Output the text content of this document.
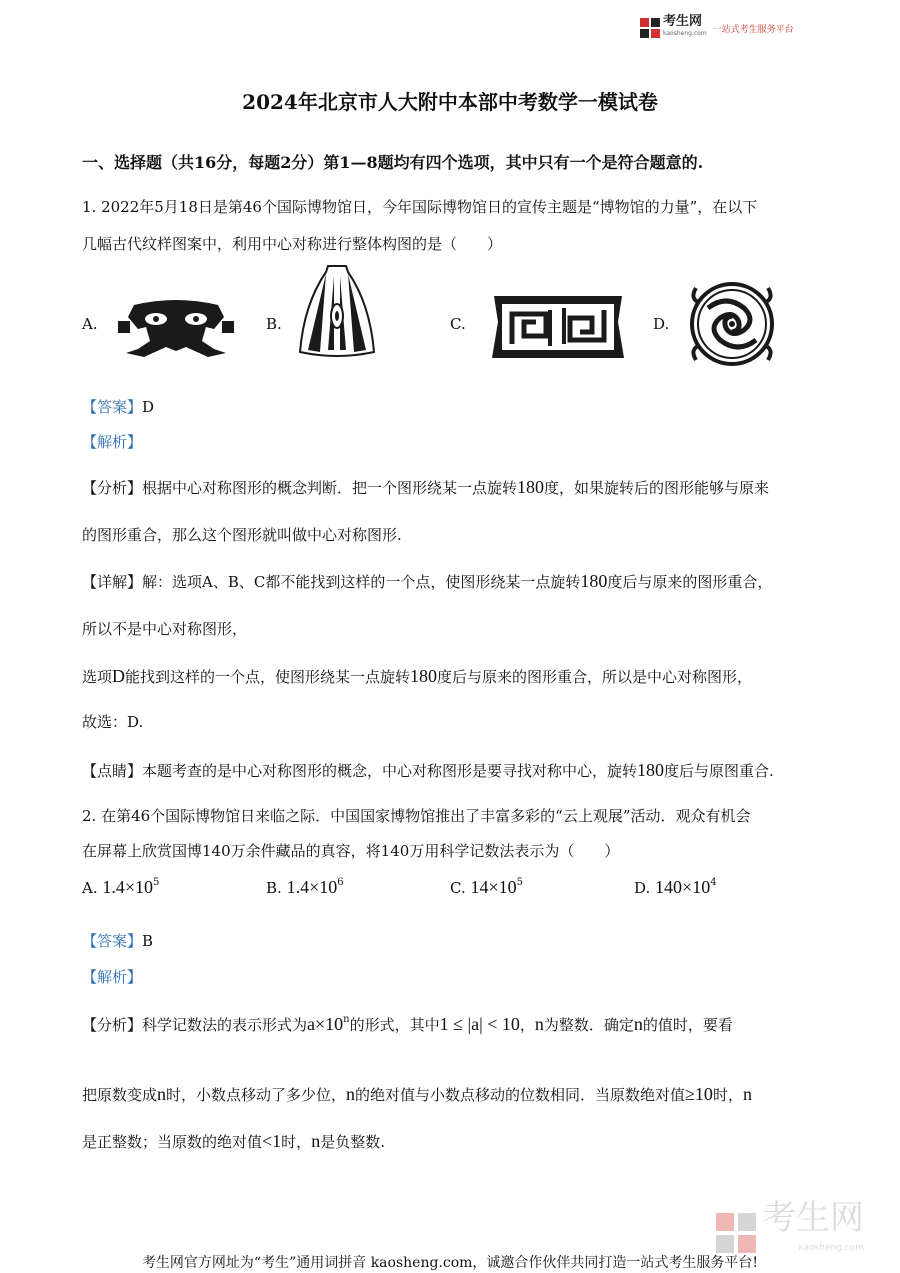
考生网
kaosheng.com 一站式考生服务平台
2024年北京市人大附中本部中考数学一模试卷
一、选择题（共16分，每题2分）第1—8题均有四个选项，其中只有一个是符合题意的.
1. 2022年5月18日是第46个国际博物馆日，今年国际博物馆日的宣传主题是“博物馆的力量”，在以下
几幅古代纹样图案中，利用中心对称进行整体构图的是（　　）
A.	B.	C.	D.
【答案】D
【解析】
【分析】根据中心对称图形的概念判断．把一个图形绕某一点旋转180度，如果旋转后的图形能够与原来
的图形重合，那么这个图形就叫做中心对称图形.
【详解】解：选项A、B、C都不能找到这样的一个点，使图形绕某一点旋转180度后与原来的图形重合，
所以不是中心对称图形，
选项D能找到这样的一个点，使图形绕某一点旋转180度后与原来的图形重合，所以是中心对称图形，
故选：D.
【点睛】本题考查的是中心对称图形的概念，中心对称图形是要寻找对称中心，旋转180度后与原图重合.
2. 在第46个国际博物馆日来临之际．中国国家博物馆推出了丰富多彩的“云上观展”活动．观众有机会
在屏幕上欣赏国博140万余件藏品的真容，将140万用科学记数法表示为（　　）
A. $1.4\times 10^5$	B. $1.4\times 10^6$	C. $14\times 10^5$	D. $140\times 10^4$
【答案】B
【解析】
【分析】科学记数法的表示形式为$a\times 10^n$的形式，其中1 ≤ |a| < 10，n为整数．确定n的值时，要看
把原数变成n时，小数点移动了多少位，n的绝对值与小数点移动的位数相同．当原数绝对值≥10时，n
是正整数；当原数的绝对值<1时，n是负整数.
考生网
kaosheng.com
考生网官方网址为“考生”通用词拼音 kaosheng.com，诚邀合作伙伴共同打造一站式考生服务平台!
